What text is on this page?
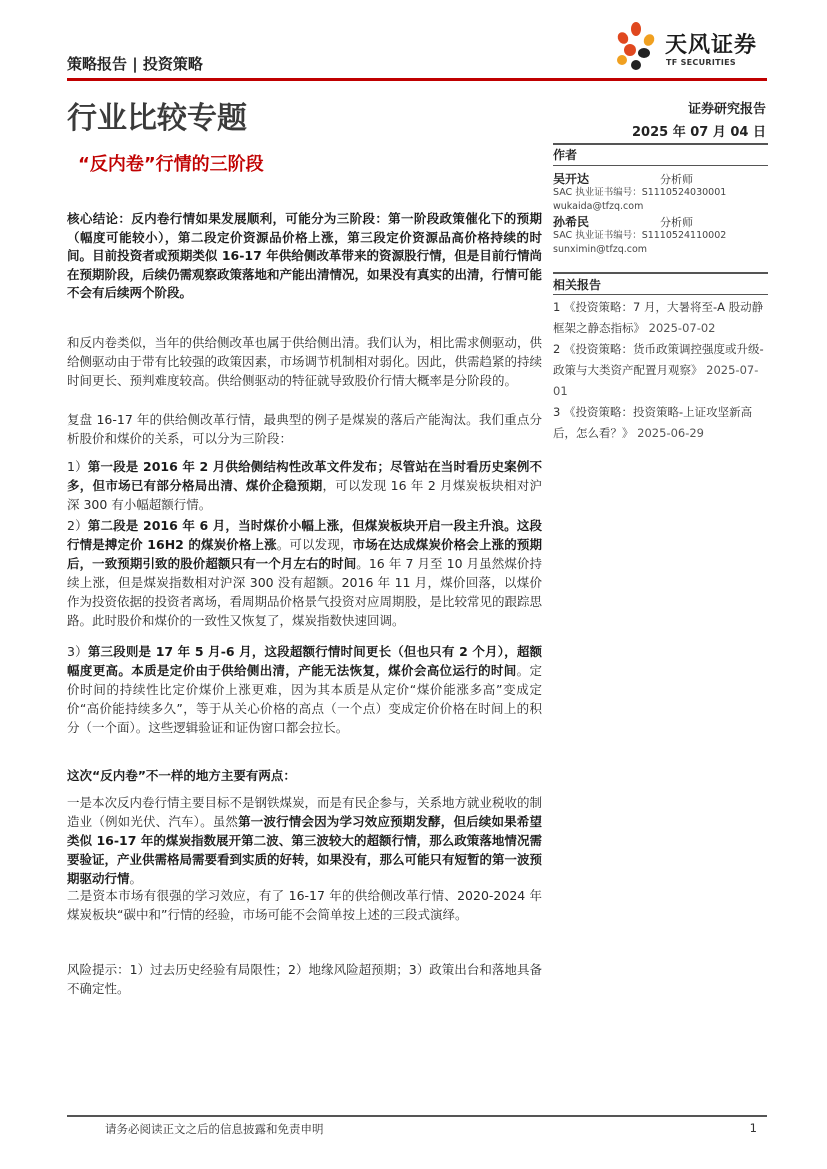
策略报告 | 投资策略
天风证券
TF SECURITIES
行业比较专题
“反内卷”行情的三阶段
证券研究报告
2025 年 07 月 04 日
作者
吴开达	分析师
SAC 执业证书编号：S1110524030001
wukaida@tfzq.com
孙希民	分析师
SAC 执业证书编号：S1110524110002
sunximin@tfzq.com
相关报告
1 《投资策略：7 月，大暑将至-A 股动静框架之静态指标》 2025-07-02
2 《投资策略：货币政策调控强度或升级-政策与大类资产配置月观察》 2025-07-01
3 《投资策略：投资策略-上证攻坚新高后，怎么看？》 2025-06-29
核心结论：反内卷行情如果发展顺利，可能分为三阶段：第一阶段政策催化下的预期（幅度可能较小），第二段定价资源品价格上涨，第三段定价资源品高价格持续的时间。目前投资者或预期类似 16-17 年供给侧改革带来的资源股行情，但是目前行情尚在预期阶段，后续仍需观察政策落地和产能出清情况，如果没有真实的出清，行情可能不会有后续两个阶段。
和反内卷类似，当年的供给侧改革也属于供给侧出清。我们认为，相比需求侧驱动，供给侧驱动由于带有比较强的政策因素，市场调节机制相对弱化。因此，供需趋紧的持续时间更长、预判难度较高。供给侧驱动的特征就导致股价行情大概率是分阶段的。
复盘 16-17 年的供给侧改革行情，最典型的例子是煤炭的落后产能淘汰。我们重点分析股价和煤价的关系，可以分为三阶段：
1）第一段是 2016 年 2 月供给侧结构性改革文件发布；尽管站在当时看历史案例不多，但市场已有部分格局出清、煤价企稳预期，可以发现 16 年 2 月煤炭板块相对沪深 300 有小幅超额行情。
2）第二段是 2016 年 6 月，当时煤价小幅上涨，但煤炭板块开启一段主升浪。这段行情是搏定价 16H2 的煤炭价格上涨。可以发现，市场在达成煤炭价格会上涨的预期后，一致预期引致的股价超额只有一个月左右的时间。16 年 7 月至 10 月虽然煤价持续上涨，但是煤炭指数相对沪深 300 没有超额。2016 年 11 月，煤价回落，以煤价作为投资依据的投资者离场，看周期品价格景气投资对应周期股，是比较常见的跟踪思路。此时股价和煤价的一致性又恢复了，煤炭指数快速回调。
3）第三段则是 17 年 5 月-6 月，这段超额行情时间更长（但也只有 2 个月），超额幅度更高。本质是定价由于供给侧出清，产能无法恢复，煤价会高位运行的时间。定价时间的持续性比定价煤价上涨更难，因为其本质是从定价“煤价能涨多高”变成定价“高价能持续多久”，等于从关心价格的高点（一个点）变成定价价格在时间上的积分（一个面）。这些逻辑验证和证伪窗口都会拉长。
这次“反内卷”不一样的地方主要有两点：
一是本次反内卷行情主要目标不是钢铁煤炭，而是有民企参与，关系地方就业税收的制造业（例如光伏、汽车）。虽然第一波行情会因为学习效应预期发酵，但后续如果希望类似 16-17 年的煤炭指数展开第二波、第三波较大的超额行情，那么政策落地情况需要验证，产业供需格局需要看到实质的好转，如果没有，那么可能只有短暂的第一波预期驱动行情。
二是资本市场有很强的学习效应，有了 16-17 年的供给侧改革行情、2020-2024 年煤炭板块“碳中和”行情的经验，市场可能不会简单按上述的三段式演绎。
风险提示：1）过去历史经验有局限性；2）地缘风险超预期；3）政策出台和落地具备不确定性。
请务必阅读正文之后的信息披露和免责申明	1
